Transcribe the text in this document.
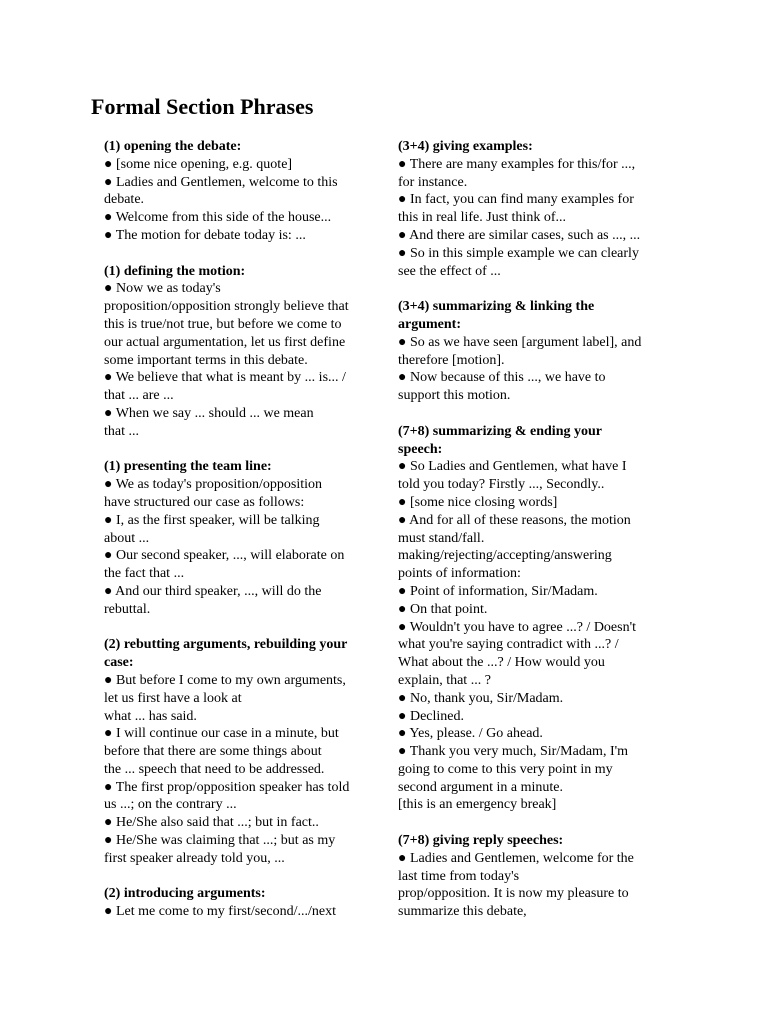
Formal Section Phrases

(1) opening the debate:

● [some nice opening, e.g. quote]

● Ladies and Gentlemen, welcome to this

debate.

● Welcome from this side of the house...

● The motion for debate today is: ...

(1) defining the motion:

● Now we as today's

proposition/opposition strongly believe that

this is true/not true, but before we come to

our actual argumentation, let us first define

some important terms in this debate.

● We believe that what is meant by ... is... /

that ... are ...

● When we say ... should ... we mean

that ...

(1) presenting the team line:

● We as today's proposition/opposition

have structured our case as follows:

● I, as the first speaker, will be talking

about ...

● Our second speaker, ..., will elaborate on

the fact that ...

● And our third speaker, ..., will do the

rebuttal.

(2) rebutting arguments, rebuilding your

case:

● But before I come to my own arguments,

let us first have a look at

what ... has said.

● I will continue our case in a minute, but

before that there are some things about

the ... speech that need to be addressed.

● The first prop/opposition speaker has told

us ...; on the contrary ...

● He/She also said that ...; but in fact..

● He/She was claiming that ...; but as my

first speaker already told you, ...

(2) introducing arguments:

● Let me come to my first/second/.../next

(3+4) giving examples:

● There are many examples for this/for ...,

for instance.

● In fact, you can find many examples for

this in real life. Just think of...

● And there are similar cases, such as ..., ...

● So in this simple example we can clearly

see the effect of ...

(3+4) summarizing & linking the

argument:

● So as we have seen [argument label], and

therefore [motion].

● Now because of this ..., we have to

support this motion.

(7+8) summarizing & ending your

speech:

● So Ladies and Gentlemen, what have I

told you today? Firstly ..., Secondly..

● [some nice closing words]

● And for all of these reasons, the motion

must stand/fall.

making/rejecting/accepting/answering

points of information:

● Point of information, Sir/Madam.

● On that point.

● Wouldn't you have to agree ...? / Doesn't

what you're saying contradict with ...? /

What about the ...? / How would you

explain, that ... ?

● No, thank you, Sir/Madam.

● Declined.

● Yes, please. / Go ahead.

● Thank you very much, Sir/Madam, I'm

going to come to this very point in my

second argument in a minute.

[this is an emergency break]

(7+8) giving reply speeches:

● Ladies and Gentlemen, welcome for the

last time from today's

prop/opposition. It is now my pleasure to

summarize this debate,
